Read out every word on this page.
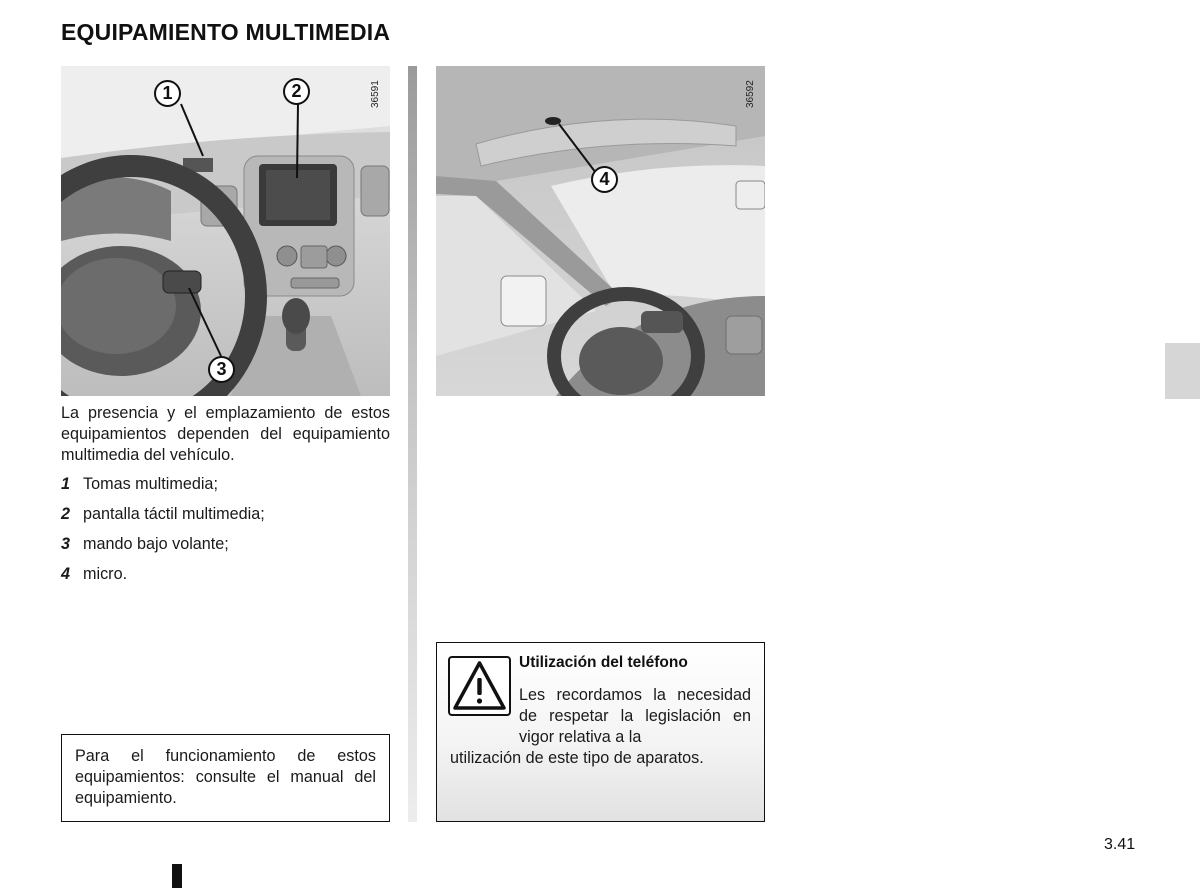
EQUIPAMIENTO MULTIMEDIA
1	2
3
36591
4
36592
La presencia y el emplazamiento de estos equipamientos dependen del equipamiento multimedia del vehículo.
1 Tomas multimedia;
2 pantalla táctil multimedia;
3 mando bajo volante;
4 micro.
Para el funcionamiento de estos equipamientos: consulte el manual del equipamiento.
Utilización del teléfono
Les recordamos la necesidad de respetar la legislación en vigor relativa a la
utilización de este tipo de aparatos.
3.41
